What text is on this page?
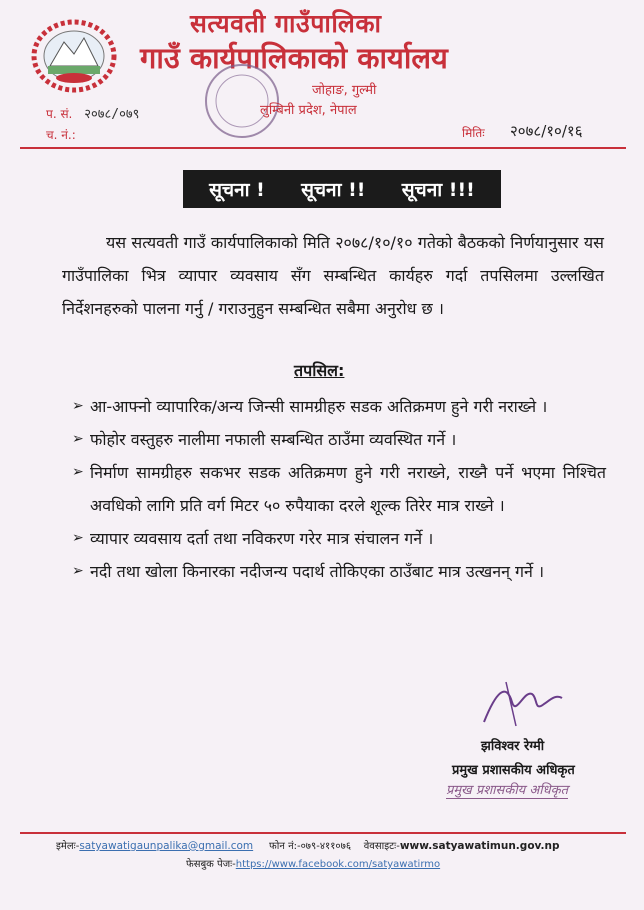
सत्यवती गाउँपालिका
गाउँ कार्यपालिकाको कार्यालय
जोहाङ, गुल्मी
लुम्बिनी प्रदेश, नेपाल
प. सं. २०७८/०७९
च. नं.:	मितिः २०७८/१०/१६
सूचना ! सूचना !! सूचना !!!
यस सत्यवती गाउँ कार्यपालिकाको मिति २०७८/१०/१० गतेको बैठकको निर्णयानुसार यस गाउँपालिका भित्र व्यापार व्यवसाय सँग सम्बन्धित कार्यहरु गर्दा तपसिलमा उल्लखित निर्देशनहरुको पालना गर्नु / गराउनुहुन सम्बन्धित सबैमा अनुरोध छ ।
तपसिल:
➢ आ-आफ्नो व्यापारिक/अन्य जिन्सी सामग्रीहरु सडक अतिक्रमण हुने गरी नराख्ने ।
➢ फोहोर वस्तुहरु नालीमा नफाली सम्बन्धित ठाउँमा व्यवस्थित गर्ने ।
➢ निर्माण सामग्रीहरु सकभर सडक अतिक्रमण हुने गरी नराख्ने, राख्नै पर्ने भएमा निश्चित अवधिको लागि प्रति वर्ग मिटर ५० रुपैयाका दरले शूल्क तिरेर मात्र राख्ने ।
➢ व्यापार व्यवसाय दर्ता तथा नविकरण गरेर मात्र संचालन गर्ने ।
➢ नदी तथा खोला किनारका नदीजन्य पदार्थ तोकिएका ठाउँबाट मात्र उत्खनन् गर्ने ।
झविश्वर रेग्मी
प्रमुख प्रशासकीय अधिकृत
प्रमुख प्रशासकीय अधिकृत
इमेलः-satyawatigaunpalika@gmail.com फोन नं:-०७९-४११०७६ वेवसाइटः-www.satyawatimun.gov.np
फेसबुक पेजः-https://www.facebook.com/satyawatirmo
